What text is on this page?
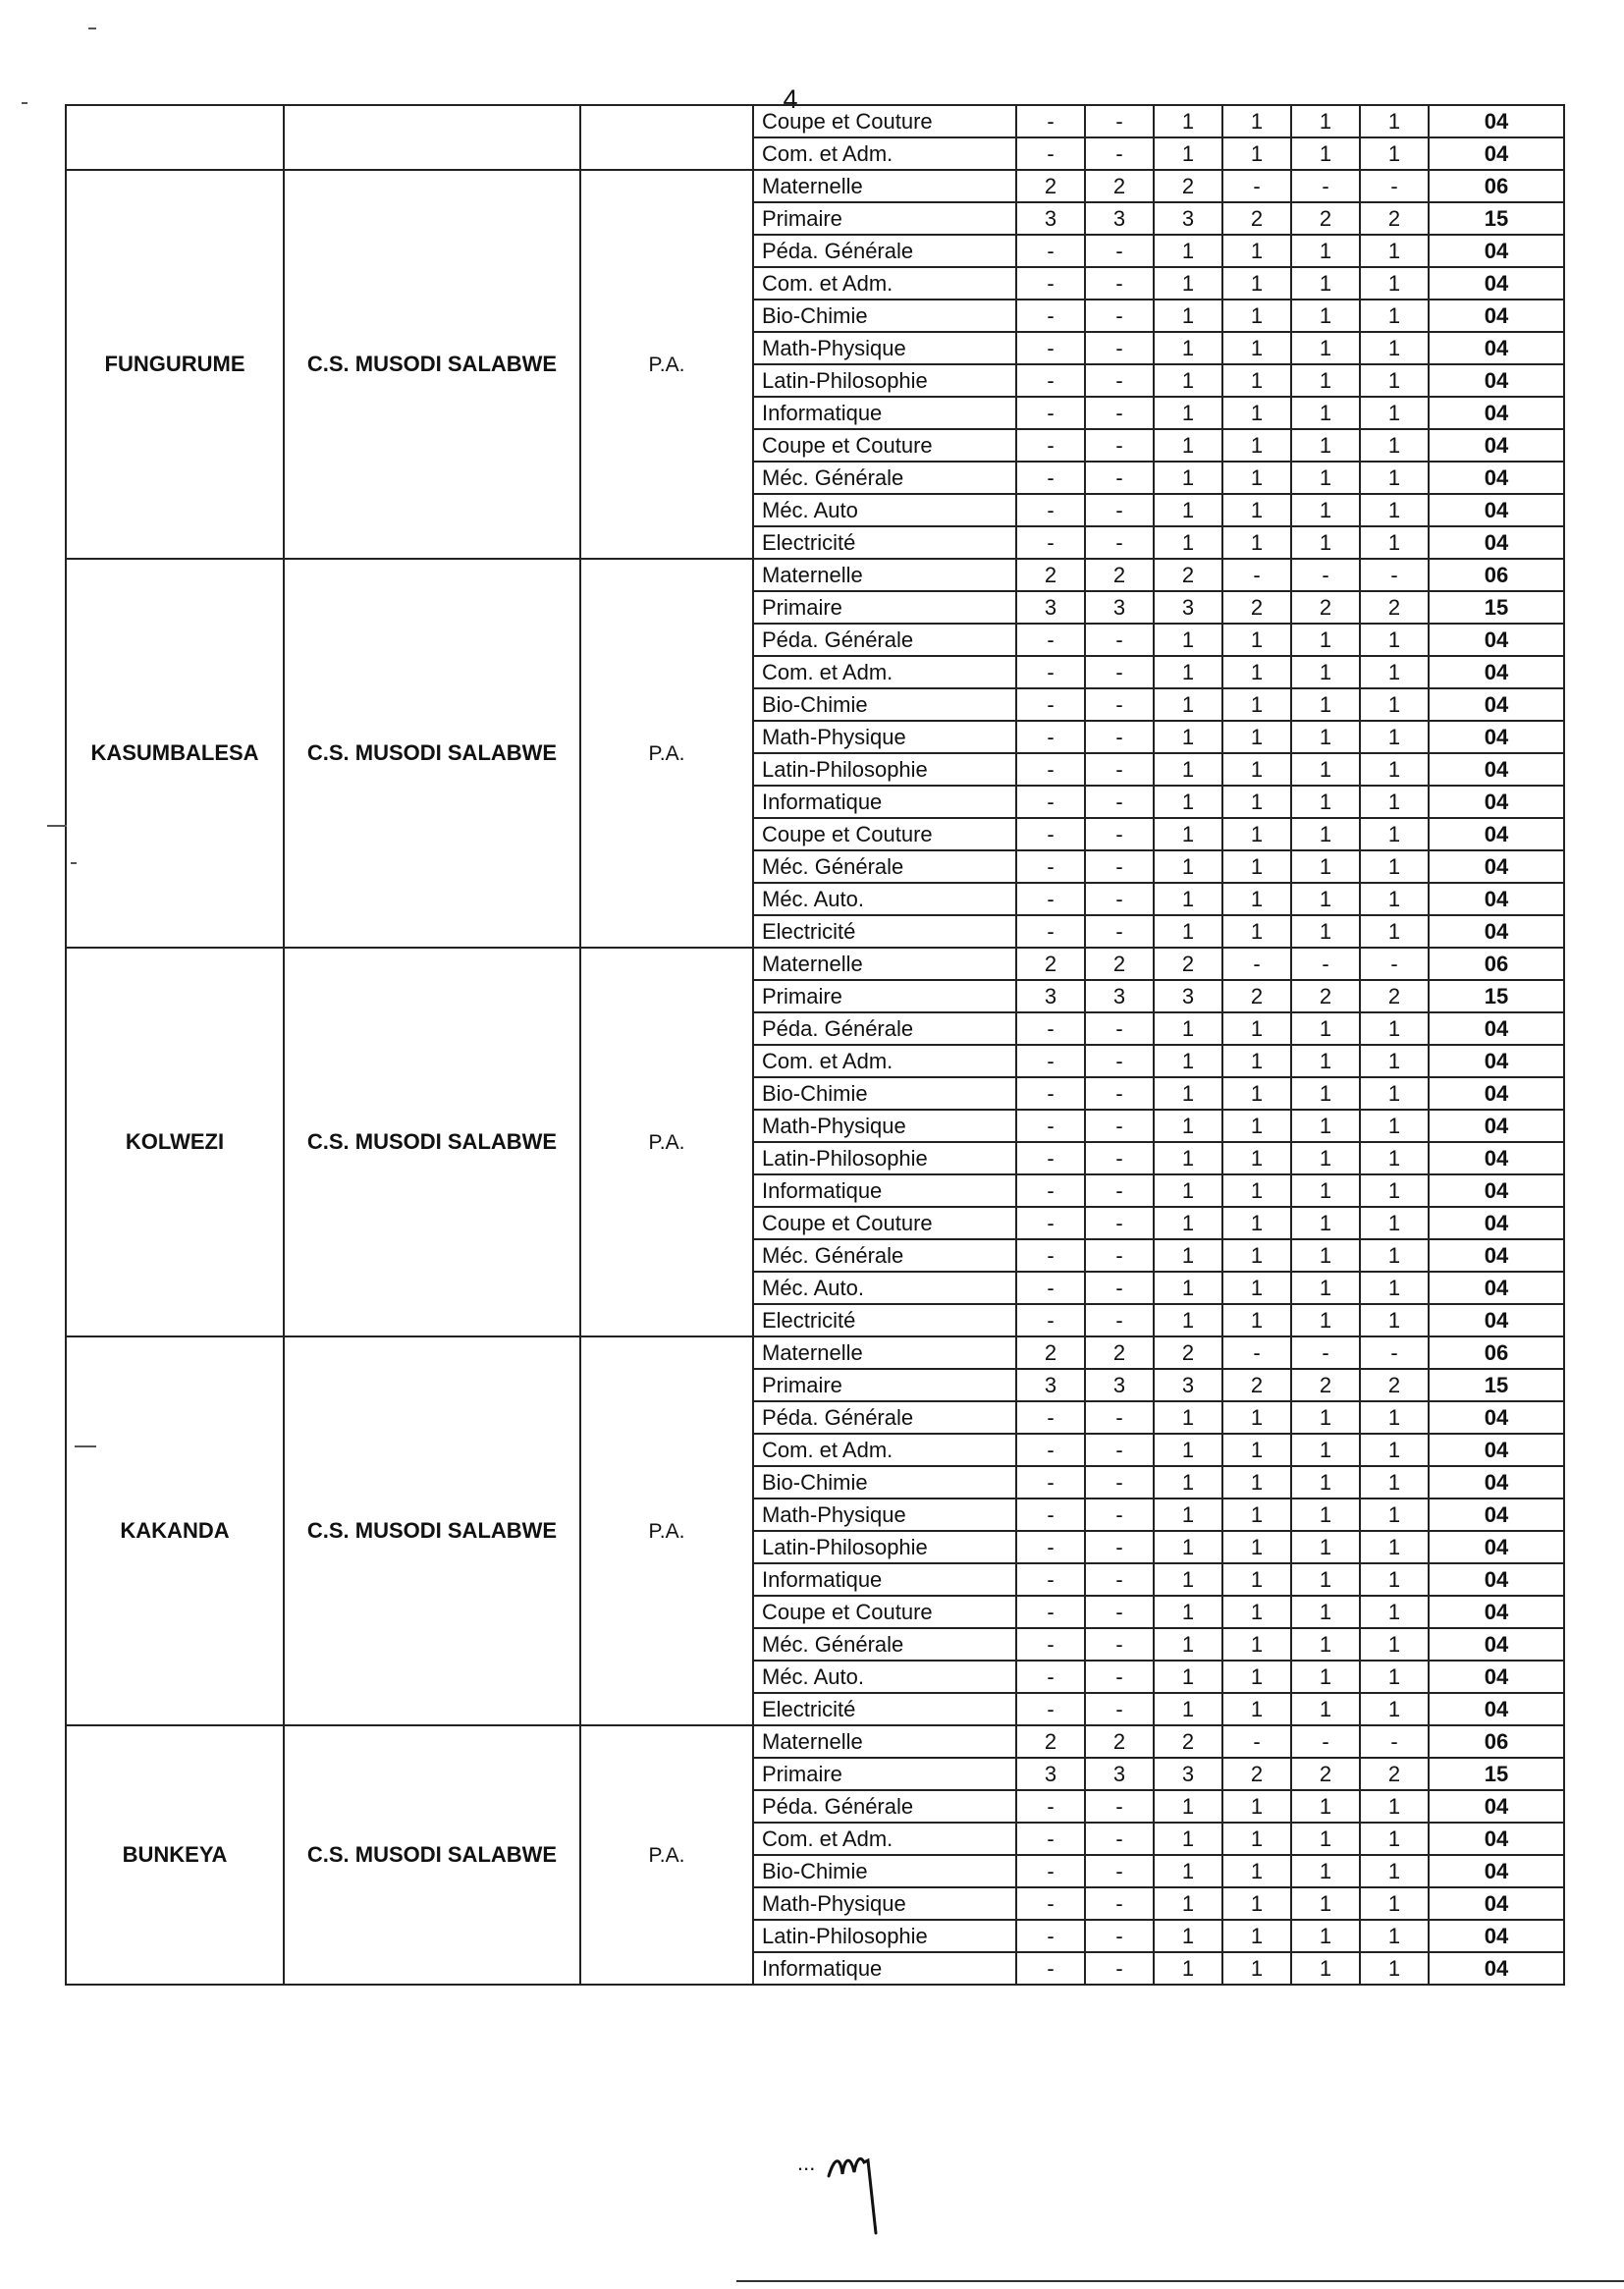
4
			Coupe et Couture	-	-	1	1	1	1	04
			Com. et Adm.	-	-	1	1	1	1	04
FUNGURUME	C.S. MUSODI SALABWE	P.A.	Maternelle	2	2	2	-	-	-	06
			Primaire	3	3	3	2	2	2	15
			Péda. Générale	-	-	1	1	1	1	04
			Com. et Adm.	-	-	1	1	1	1	04
			Bio-Chimie	-	-	1	1	1	1	04
			Math-Physique	-	-	1	1	1	1	04
			Latin-Philosophie	-	-	1	1	1	1	04
			Informatique	-	-	1	1	1	1	04
			Coupe et Couture	-	-	1	1	1	1	04
			Méc. Générale	-	-	1	1	1	1	04
			Méc. Auto	-	-	1	1	1	1	04
			Electricité	-	-	1	1	1	1	04
KASUMBALESA	C.S. MUSODI SALABWE	P.A.	Maternelle	2	2	2	-	-	-	06
			Primaire	3	3	3	2	2	2	15
			Péda. Générale	-	-	1	1	1	1	04
			Com. et Adm.	-	-	1	1	1	1	04
			Bio-Chimie	-	-	1	1	1	1	04
			Math-Physique	-	-	1	1	1	1	04
			Latin-Philosophie	-	-	1	1	1	1	04
			Informatique	-	-	1	1	1	1	04
			Coupe et Couture	-	-	1	1	1	1	04
			Méc. Générale	-	-	1	1	1	1	04
			Méc. Auto.	-	-	1	1	1	1	04
			Electricité	-	-	1	1	1	1	04
KOLWEZI	C.S. MUSODI SALABWE	P.A.	Maternelle	2	2	2	-	-	-	06
			Primaire	3	3	3	2	2	2	15
			Péda. Générale	-	-	1	1	1	1	04
			Com. et Adm.	-	-	1	1	1	1	04
			Bio-Chimie	-	-	1	1	1	1	04
			Math-Physique	-	-	1	1	1	1	04
			Latin-Philosophie	-	-	1	1	1	1	04
			Informatique	-	-	1	1	1	1	04
			Coupe et Couture	-	-	1	1	1	1	04
			Méc. Générale	-	-	1	1	1	1	04
			Méc. Auto.	-	-	1	1	1	1	04
			Electricité	-	-	1	1	1	1	04
KAKANDA	C.S. MUSODI SALABWE	P.A.	Maternelle	2	2	2	-	-	-	06
			Primaire	3	3	3	2	2	2	15
			Péda. Générale	-	-	1	1	1	1	04
			Com. et Adm.	-	-	1	1	1	1	04
			Bio-Chimie	-	-	1	1	1	1	04
			Math-Physique	-	-	1	1	1	1	04
			Latin-Philosophie	-	-	1	1	1	1	04
			Informatique	-	-	1	1	1	1	04
			Coupe et Couture	-	-	1	1	1	1	04
			Méc. Générale	-	-	1	1	1	1	04
			Méc. Auto.	-	-	1	1	1	1	04
			Electricité	-	-	1	1	1	1	04
BUNKEYA	C.S. MUSODI SALABWE	P.A.	Maternelle	2	2	2	-	-	-	06
			Primaire	3	3	3	2	2	2	15
			Péda. Générale	-	-	1	1	1	1	04
			Com. et Adm.	-	-	1	1	1	1	04
			Bio-Chimie	-	-	1	1	1	1	04
			Math-Physique	-	-	1	1	1	1	04
			Latin-Philosophie	-	-	1	1	1	1	04
			Informatique	-	-	1	1	1	1	04
...
